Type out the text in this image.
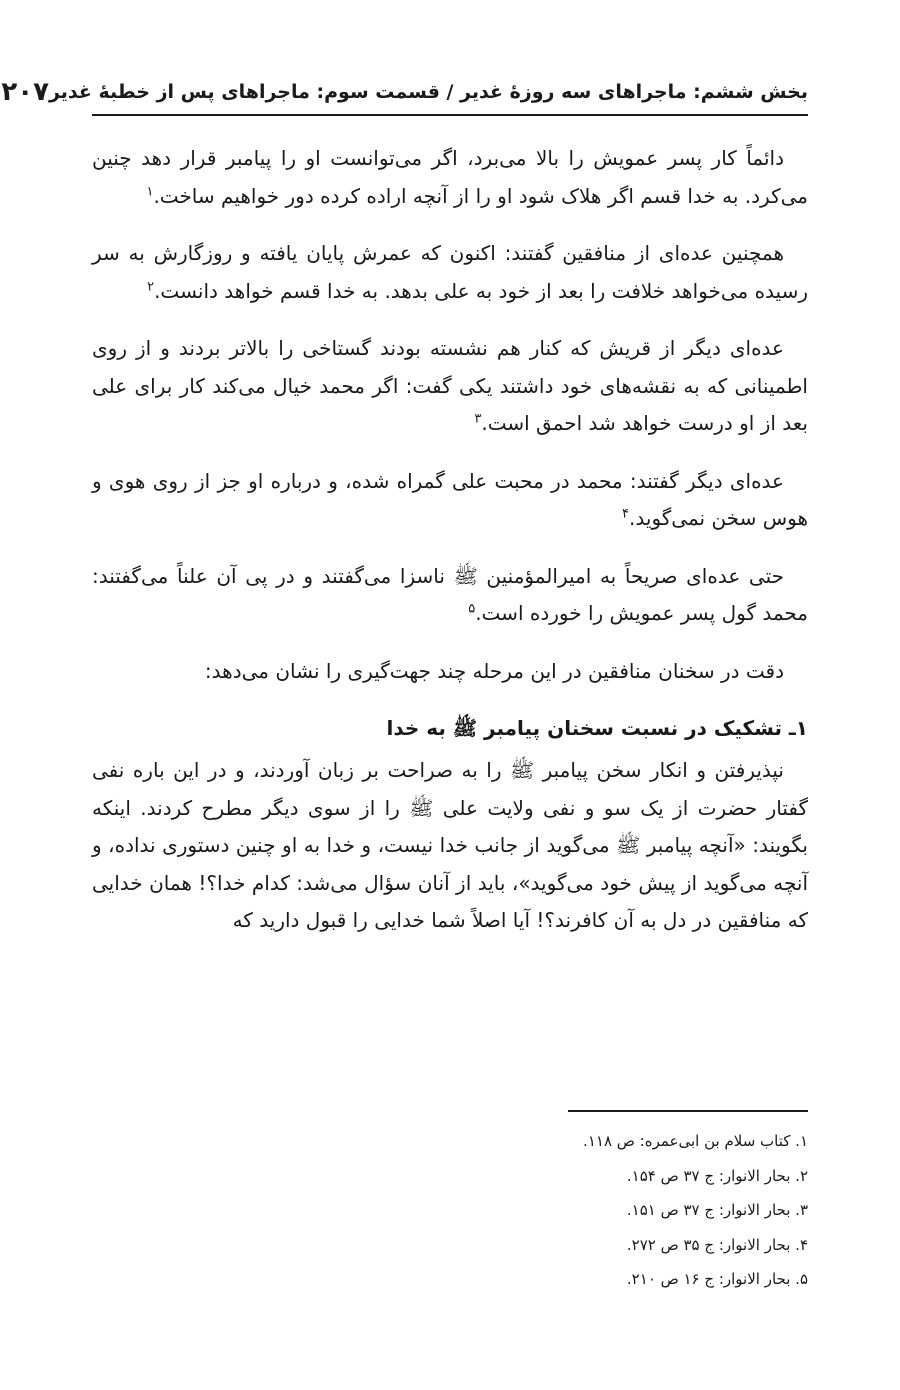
بخش ششم: ماجراهای سه روزهٔ غدیر / قسمت سوم: ماجراهای پس از خطبهٔ غدیر
۲۰۷

دائماً کار پسر عمویش را بالا می‌برد، اگر می‌توانست او را پیامبر قرار دهد چنین می‌کرد. به خدا قسم اگر هلاک شود او را از آنچه اراده کرده دور خواهیم ساخت.$^۱$

همچنین عده‌ای از منافقین گفتند: اکنون که عمرش پایان یافته و روزگارش به سر رسیده می‌خواهد خلافت را بعد از خود به علی بدهد. به خدا قسم خواهد دانست.$^۲$

عده‌ای دیگر از قریش که کنار هم نشسته بودند گستاخی را بالاتر بردند و از روی اطمینانی که به نقشه‌های خود داشتند یکی گفت: اگر محمد خیال می‌کند کار برای علی بعد از او درست خواهد شد احمق است.$^۳$

عده‌ای دیگر گفتند: محمد در محبت علی گمراه شده، و درباره او جز از روی هوی و هوس سخن نمی‌گوید.$^۴$

حتی عده‌ای صریحاً به امیرالمؤمنین ﷺ ناسزا می‌گفتند و در پی آن علناً می‌گفتند: محمد گول پسر عمویش را خورده است.$^۵$

دقت در سخنان منافقین در این مرحله چند جهت‌گیری را نشان می‌دهد:

۱ـ تشکیک در نسبت سخنان پیامبر ﷺ به خدا

نپذیرفتن و انکار سخن پیامبر ﷺ را به صراحت بر زبان آوردند، و در این باره نفی گفتار حضرت از یک سو و نفی ولایت علی ﷺ را از سوی دیگر مطرح کردند. اینکه بگویند: «آنچه پیامبر ﷺ می‌گوید از جانب خدا نیست، و خدا به او چنین دستوری نداده، و آنچه می‌گوید از پیش خود می‌گوید»، باید از آنان سؤال می‌شد: کدام خدا؟! همان خدایی که منافقین در دل به آن کافرند؟! آیا اصلاً شما خدایی را قبول دارید که

۱. کتاب سلام بن ابی‌عمره: ص ۱۱۸.
۲. بحار الانوار: ج ۳۷ ص ۱۵۴.
۳. بحار الانوار: ج ۳۷ ص ۱۵۱.
۴. بحار الانوار: ج ۳۵ ص ۲۷۲.
۵. بحار الانوار: ج ۱۶ ص ۲۱۰.
